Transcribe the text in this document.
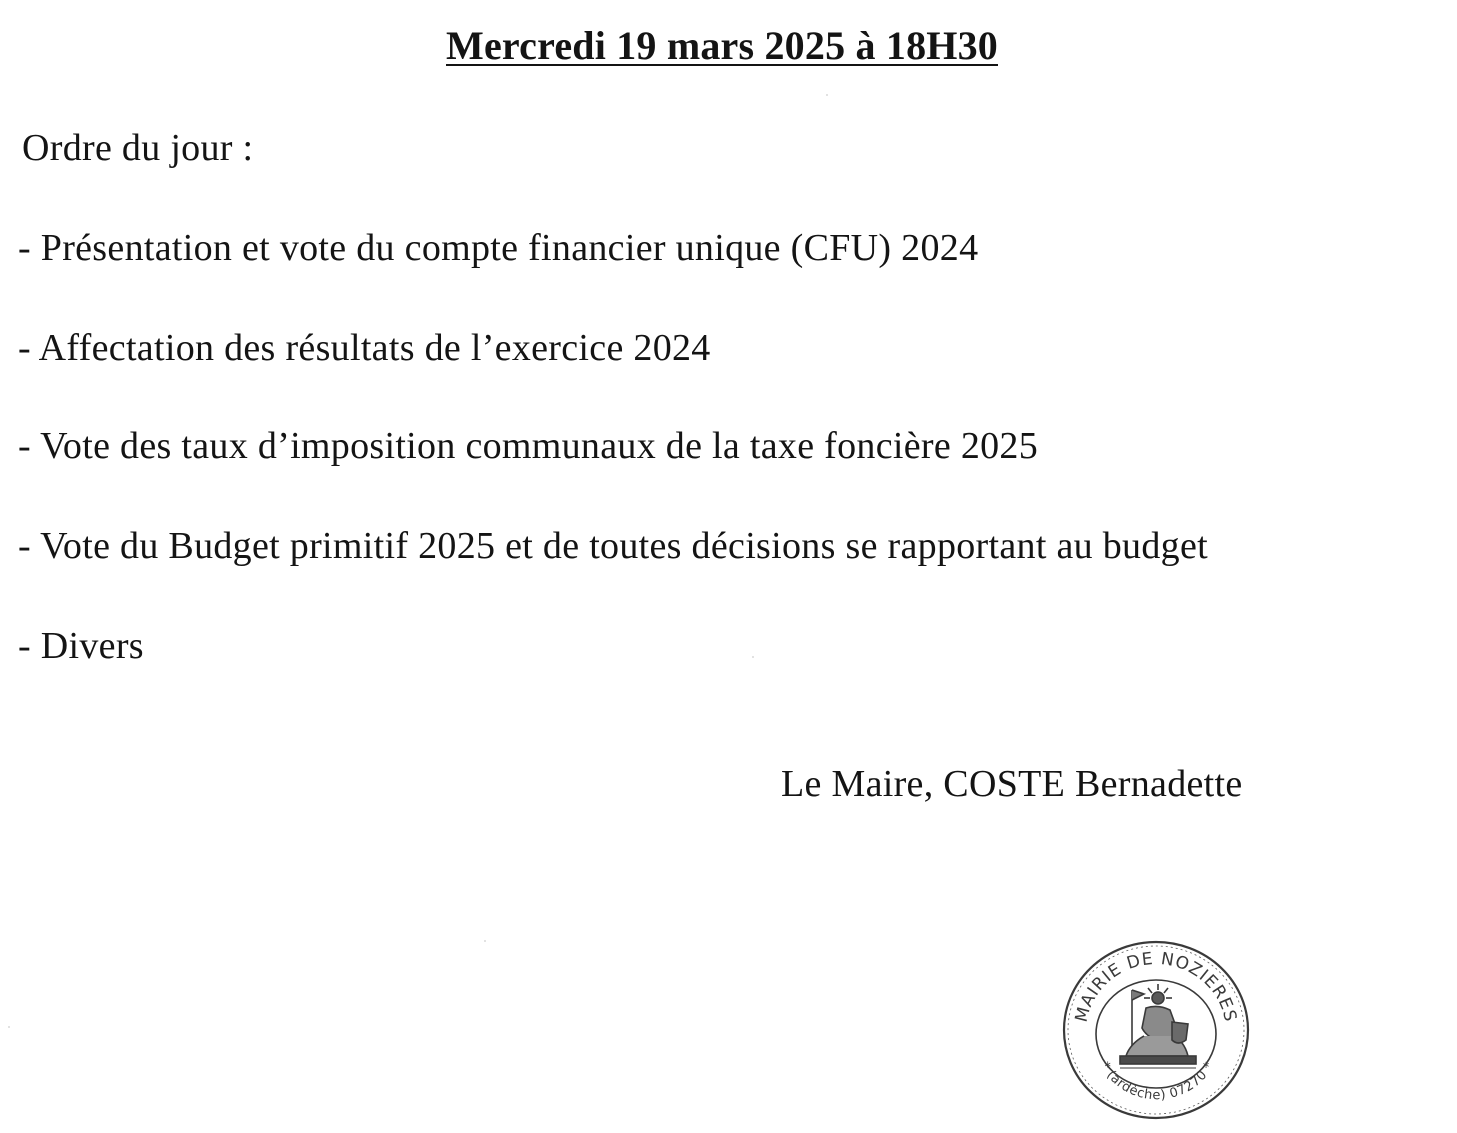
Mercredi 19 mars 2025 à 18H30
Ordre du jour :
- Présentation et vote du compte financier unique (CFU) 2024
- Affectation des résultats de l’exercice 2024
- Vote des taux d’imposition communaux de la taxe foncière 2025
- Vote du Budget primitif 2025 et de toutes décisions se rapportant au budget
- Divers
Le Maire, COSTE Bernadette
MAIRIE DE NOZIERES
* (ardèche) 07270 *
